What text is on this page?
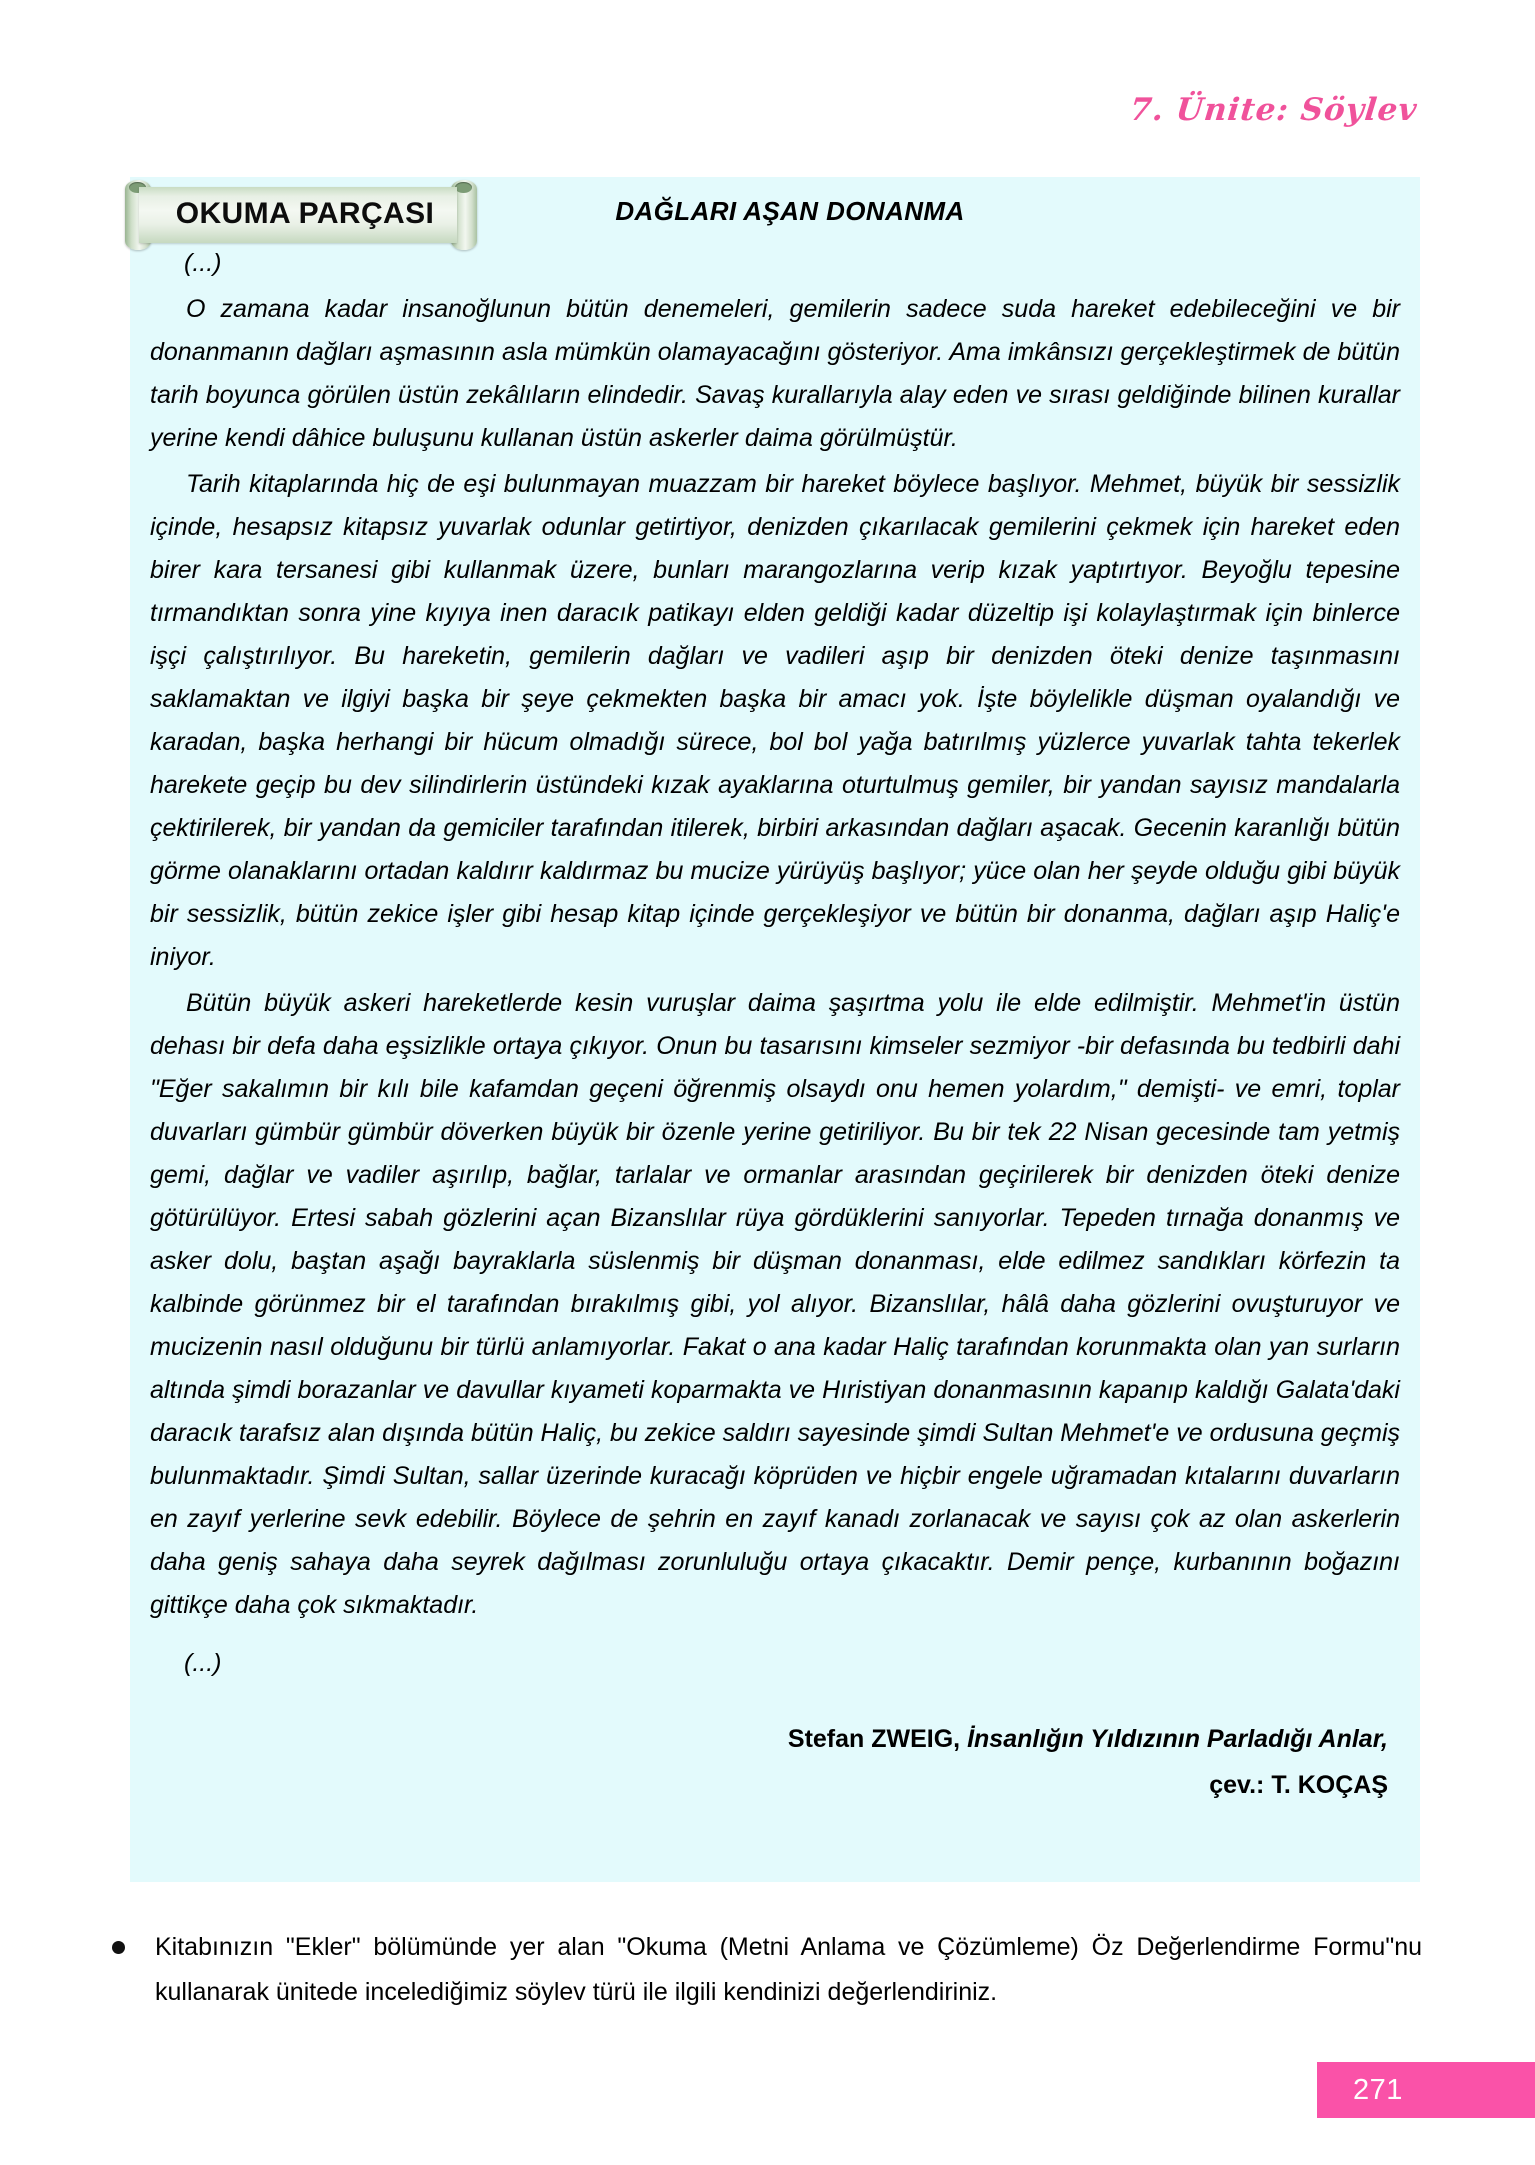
7. Ünite: Söylev
OKUMA PARÇASI	DAĞLARI AŞAN DONANMA
(...)

O zamana kadar insanoğlunun bütün denemeleri, gemilerin sadece suda hareket edebileceğini ve bir donanmanın dağları aşmasının asla mümkün olamayacağını gösteriyor. Ama imkânsızı gerçekleştirmek de bütün tarih boyunca görülen üstün zekâlıların elindedir. Savaş kurallarıyla alay eden ve sırası geldiğinde bilinen kurallar yerine kendi dâhice buluşunu kullanan üstün askerler daima görülmüştür.

Tarih kitaplarında hiç de eşi bulunmayan muazzam bir hareket böylece başlıyor. Mehmet, büyük bir sessizlik içinde, hesapsız kitapsız yuvarlak odunlar getirtiyor, denizden çıkarılacak gemilerini çekmek için hareket eden birer kara tersanesi gibi kullanmak üzere, bunları marangozlarına verip kızak yaptırtıyor. Beyoğlu tepesine tırmandıktan sonra yine kıyıya inen daracık patikayı elden geldiği kadar düzeltip işi kolaylaştırmak için binlerce işçi çalıştırılıyor. Bu hareketin, gemilerin dağları ve vadileri aşıp bir denizden öteki denize taşınmasını saklamaktan ve ilgiyi başka bir şeye çekmekten başka bir amacı yok. İşte böylelikle düşman oyalandığı ve karadan, başka herhangi bir hücum olmadığı sürece, bol bol yağa batırılmış yüzlerce yuvarlak tahta tekerlek harekete geçip bu dev silindirlerin üstündeki kızak ayaklarına oturtulmuş gemiler, bir yandan sayısız mandalarla çektirilerek, bir yandan da gemiciler tarafından itilerek, birbiri arkasından dağları aşacak. Gecenin karanlığı bütün görme olanaklarını ortadan kaldırır kaldırmaz bu mucize yürüyüş başlıyor; yüce olan her şeyde olduğu gibi büyük bir sessizlik, bütün zekice işler gibi hesap kitap içinde gerçekleşiyor ve bütün bir donanma, dağları aşıp Haliç'e iniyor.

Bütün büyük askeri hareketlerde kesin vuruşlar daima şaşırtma yolu ile elde edilmiştir. Mehmet'in üstün dehası bir defa daha eşsizlikle ortaya çıkıyor. Onun bu tasarısını kimseler sezmiyor -bir defasında bu tedbirli dahi "Eğer sakalımın bir kılı bile kafamdan geçeni öğrenmiş olsaydı onu hemen yolardım," demişti- ve emri, toplar duvarları gümbür gümbür döverken büyük bir özenle yerine getiriliyor. Bu bir tek 22 Nisan gecesinde tam yetmiş gemi, dağlar ve vadiler aşırılıp, bağlar, tarlalar ve ormanlar arasından geçirilerek bir denizden öteki denize götürülüyor. Ertesi sabah gözlerini açan Bizanslılar rüya gördüklerini sanıyorlar. Tepeden tırnağa donanmış ve asker dolu, baştan aşağı bayraklarla süslenmiş bir düşman donanması, elde edilmez sandıkları körfezin ta kalbinde görünmez bir el tarafından bırakılmış gibi, yol alıyor. Bizanslılar, hâlâ daha gözlerini ovuşturuyor ve mucizenin nasıl olduğunu bir türlü anlamıyorlar. Fakat o ana kadar Haliç tarafından korunmakta olan yan surların altında şimdi borazanlar ve davullar kıyameti koparmakta ve Hıristiyan donanmasının kapanıp kaldığı Galata'daki daracık tarafsız alan dışında bütün Haliç, bu zekice saldırı sayesinde şimdi Sultan Mehmet'e ve ordusuna geçmiş bulunmaktadır. Şimdi Sultan, sallar üzerinde kuracağı köprüden ve hiçbir engele uğramadan kıtalarını duvarların en zayıf yerlerine sevk edebilir. Böylece de şehrin en zayıf kanadı zorlanacak ve sayısı çok az olan askerlerin daha geniş sahaya daha seyrek dağılması zorunluluğu ortaya çıkacaktır. Demir pençe, kurbanının boğazını gittikçe daha çok sıkmaktadır.

(...)
Stefan ZWEIG, İnsanlığın Yıldızının Parladığı Anlar,
çev.: T. KOÇAŞ
Kitabınızın "Ekler" bölümünde yer alan "Okuma (Metni Anlama ve Çözümleme) Öz Değerlendirme Formu"nu kullanarak ünitede incelediğimiz söylev türü ile ilgili kendinizi değerlendiriniz.
271
